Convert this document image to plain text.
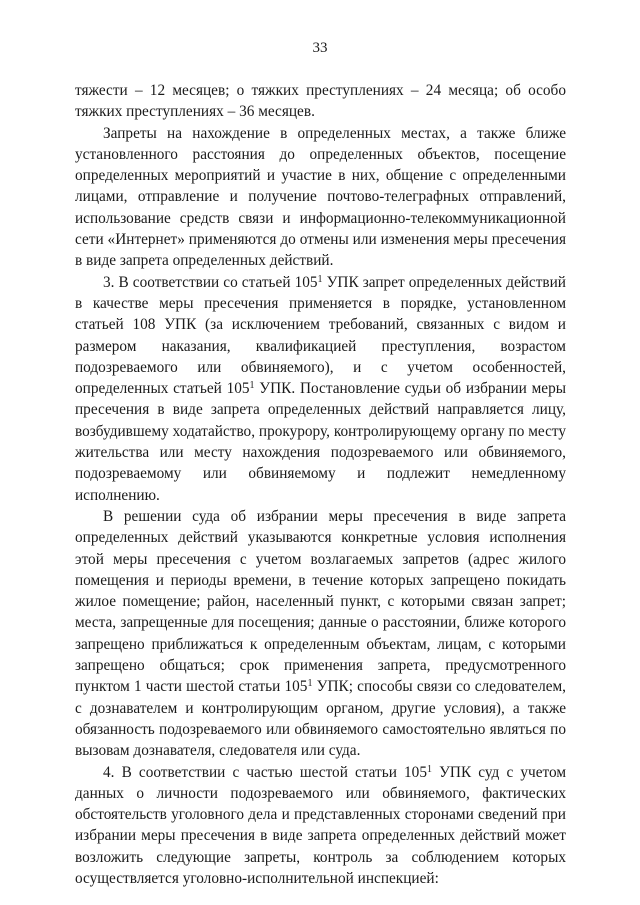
33

тяжести – 12 месяцев; о тяжких преступлениях – 24 месяца; об особо тяжких преступлениях – 36 месяцев.

Запреты на нахождение в определенных местах, а также ближе установленного расстояния до определенных объектов, посещение определенных мероприятий и участие в них, общение с определенными лицами, отправление и получение почтово-телеграфных отправлений, использование средств связи и информационно-телекоммуникационной сети «Интернет» применяются до отмены или изменения меры пресечения в виде запрета определенных действий.

3. В соответствии со статьей $105^1$ УПК запрет определенных действий в качестве меры пресечения применяется в порядке, установленном статьей 108 УПК (за исключением требований, связанных с видом и размером наказания, квалификацией преступления, возрастом подозреваемого или обвиняемого), и с учетом особенностей, определенных статьей $105^1$ УПК. Постановление судьи об избрании меры пресечения в виде запрета определенных действий направляется лицу, возбудившему ходатайство, прокурору, контролирующему органу по месту жительства или месту нахождения подозреваемого или обвиняемого, подозреваемому или обвиняемому и подлежит немедленному исполнению.

В решении суда об избрании меры пресечения в виде запрета определенных действий указываются конкретные условия исполнения этой меры пресечения с учетом возлагаемых запретов (адрес жилого помещения и периоды времени, в течение которых запрещено покидать жилое помещение; район, населенный пункт, с которыми связан запрет; места, запрещенные для посещения; данные о расстоянии, ближе которого запрещено приближаться к определенным объектам, лицам, с которыми запрещено общаться; срок применения запрета, предусмотренного пунктом 1 части шестой статьи $105^1$ УПК; способы связи со следователем, с дознавателем и контролирующим органом, другие условия), а также обязанность подозреваемого или обвиняемого самостоятельно являться по вызовам дознавателя, следователя или суда.

4. В соответствии с частью шестой статьи $105^1$ УПК суд с учетом данных о личности подозреваемого или обвиняемого, фактических обстоятельств уголовного дела и представленных сторонами сведений при избрании меры пресечения в виде запрета определенных действий может возложить следующие запреты, контроль за соблюдением которых осуществляется уголовно-исполнительной инспекцией:
